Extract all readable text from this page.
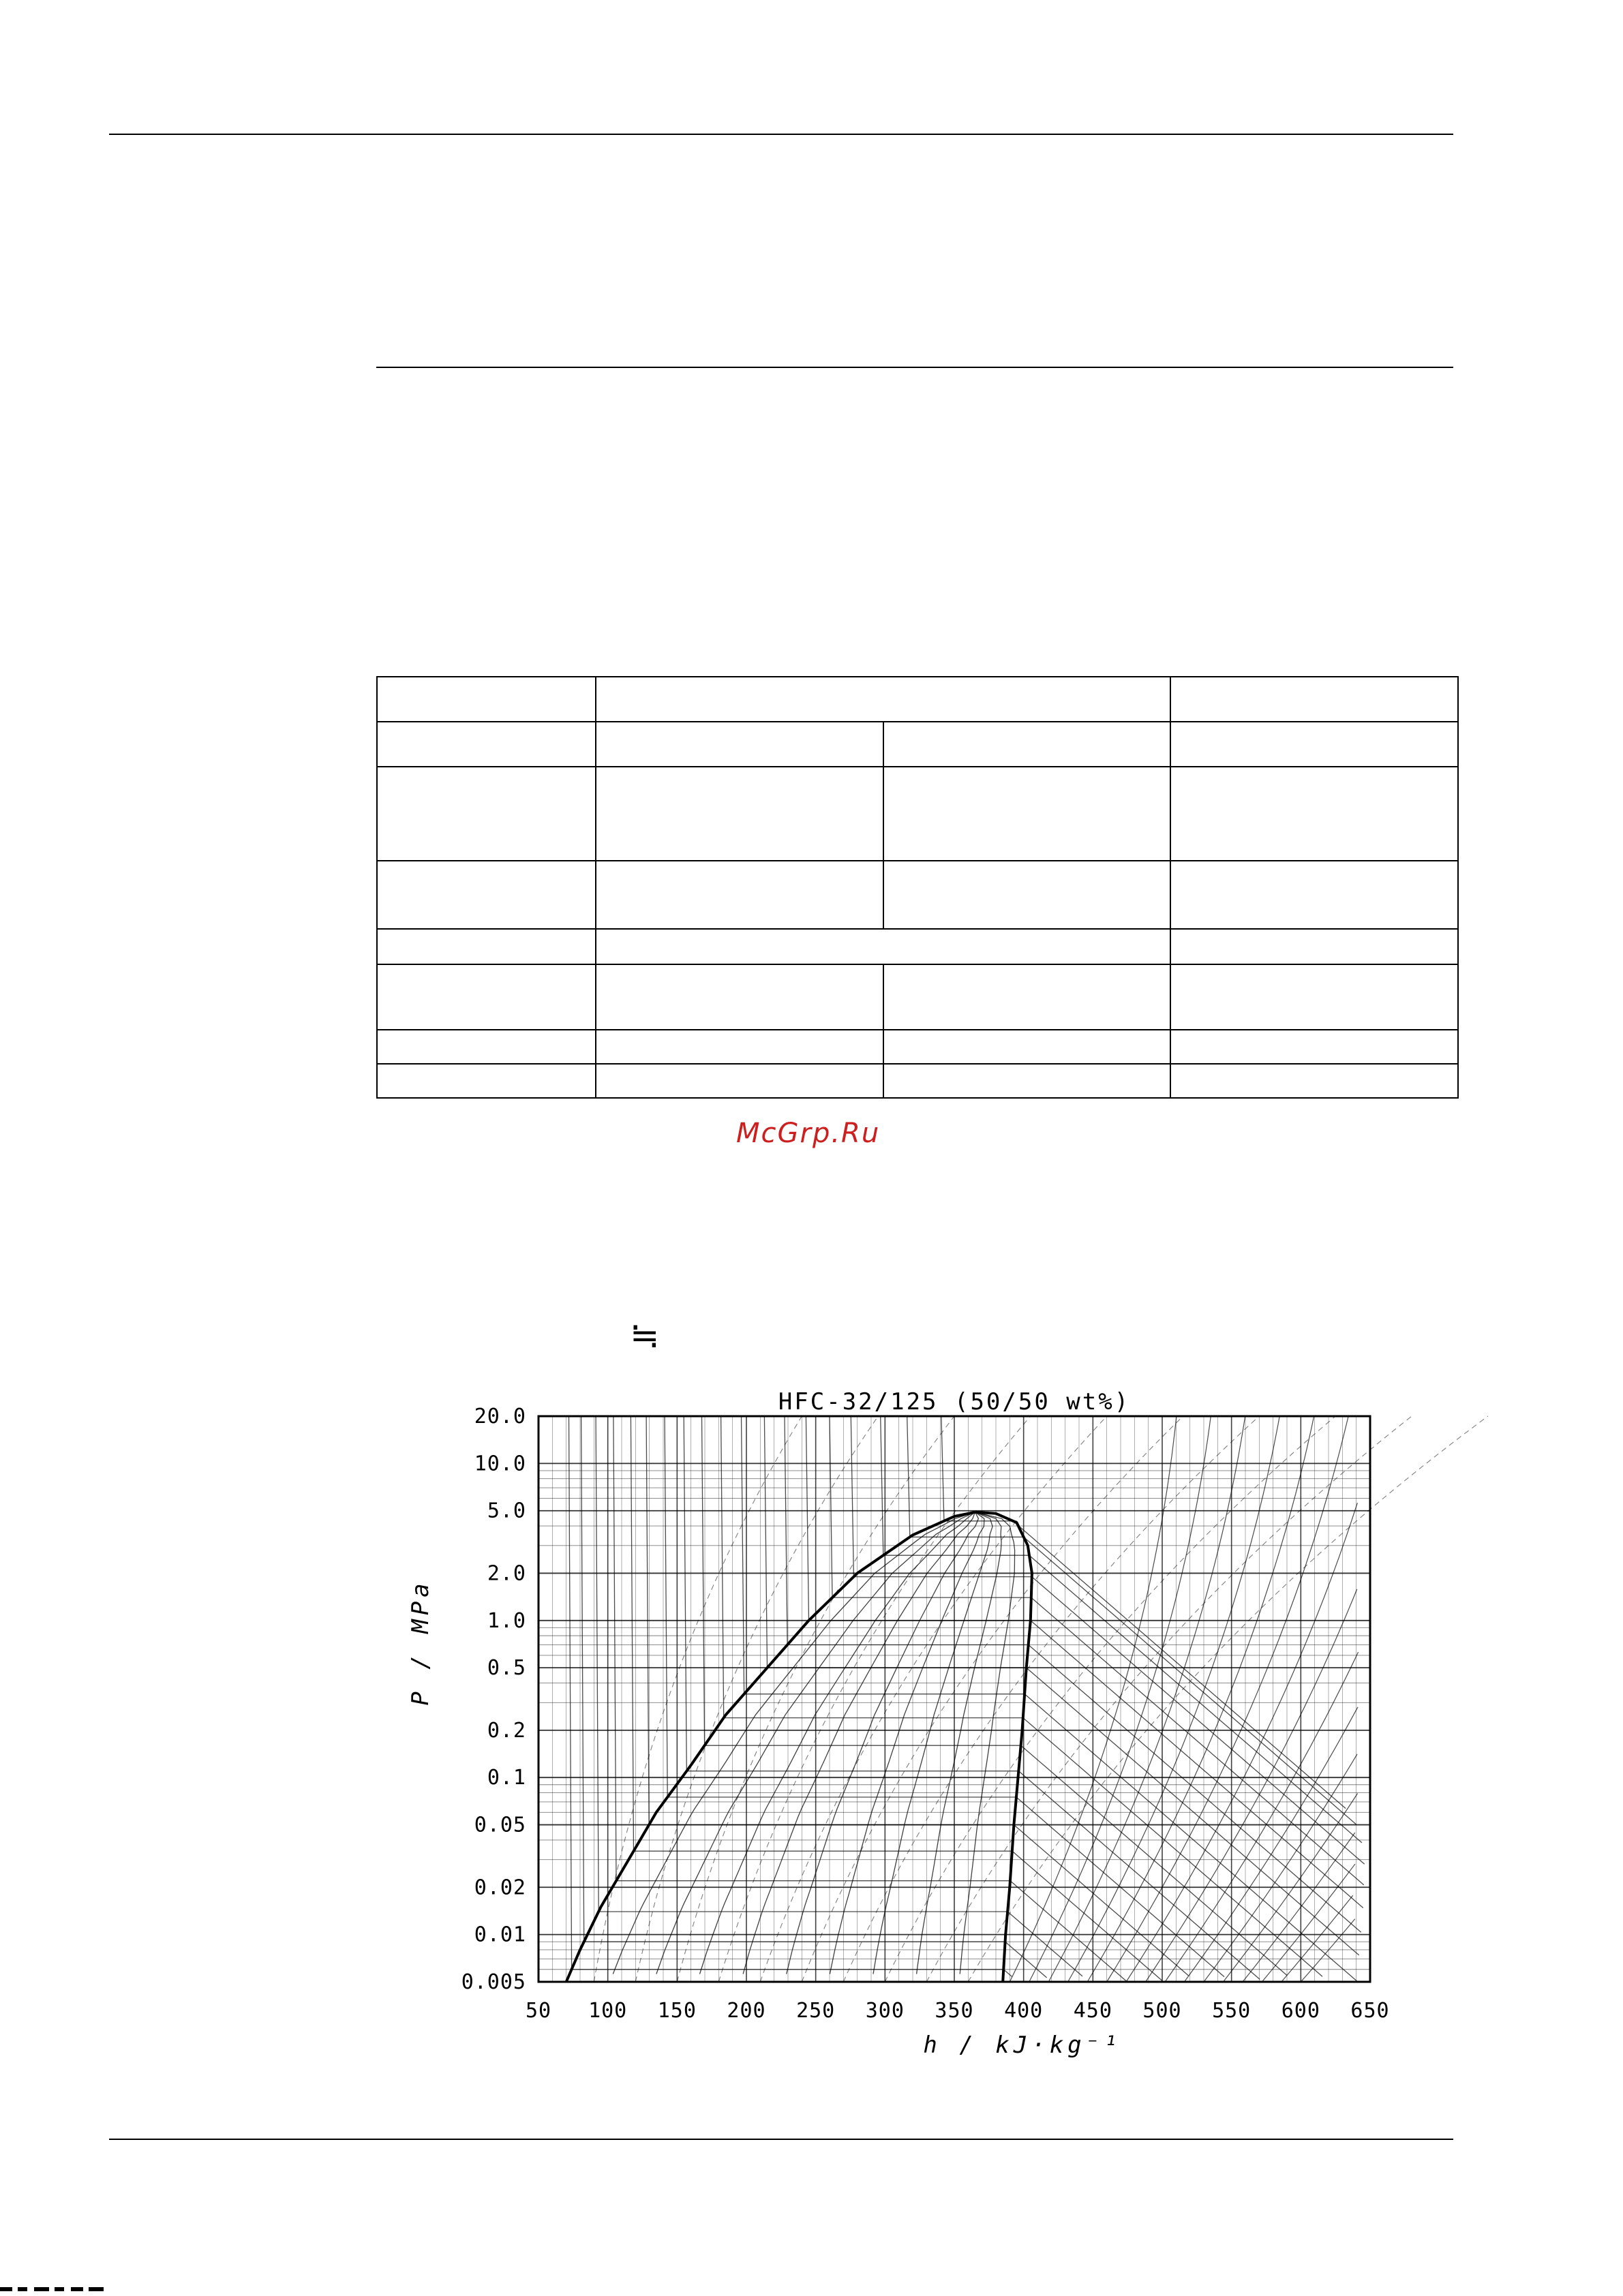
McGrp.Ru
≒
HFC-32/125 (50/50 wt%)
h / kJ·kg⁻¹
P / MPa
50 100 150 200 250 300 350 400 450 500 550 600 650
20.0
10.0
5.0
2.0
1.0
0.5
0.2
0.1
0.05
0.02
0.01
0.005
